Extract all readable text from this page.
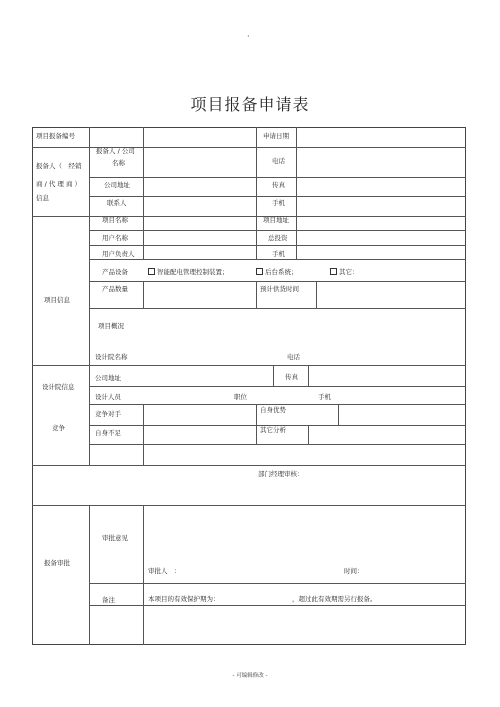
·
项目报备申请表
项目报备编号	申请日期
报备人（　经销
商 / 代 理 商 ）
信息
报备人 / 公司
名称	电话
公司地址	传真
联系人	手机
项目信息
项目名称	项目地址
用户名称	总投资
用户负责人	手机
产品设备	智能配电管理控制装置；	后台系统；	其它：
产品数量	预计供货时间
项目概况
设计院名称	电话
设计院信息
公司地址	传真
设计人员	职位	手机
竞争
竞争对手	自身优势
自身不足	其它分析
部门经理审核：
报备审批
审批意见
审批人　：	时间：
备注	本项目的有效保护期为：	，超过此有效期需另行报备。
- 可编辑修改 -
